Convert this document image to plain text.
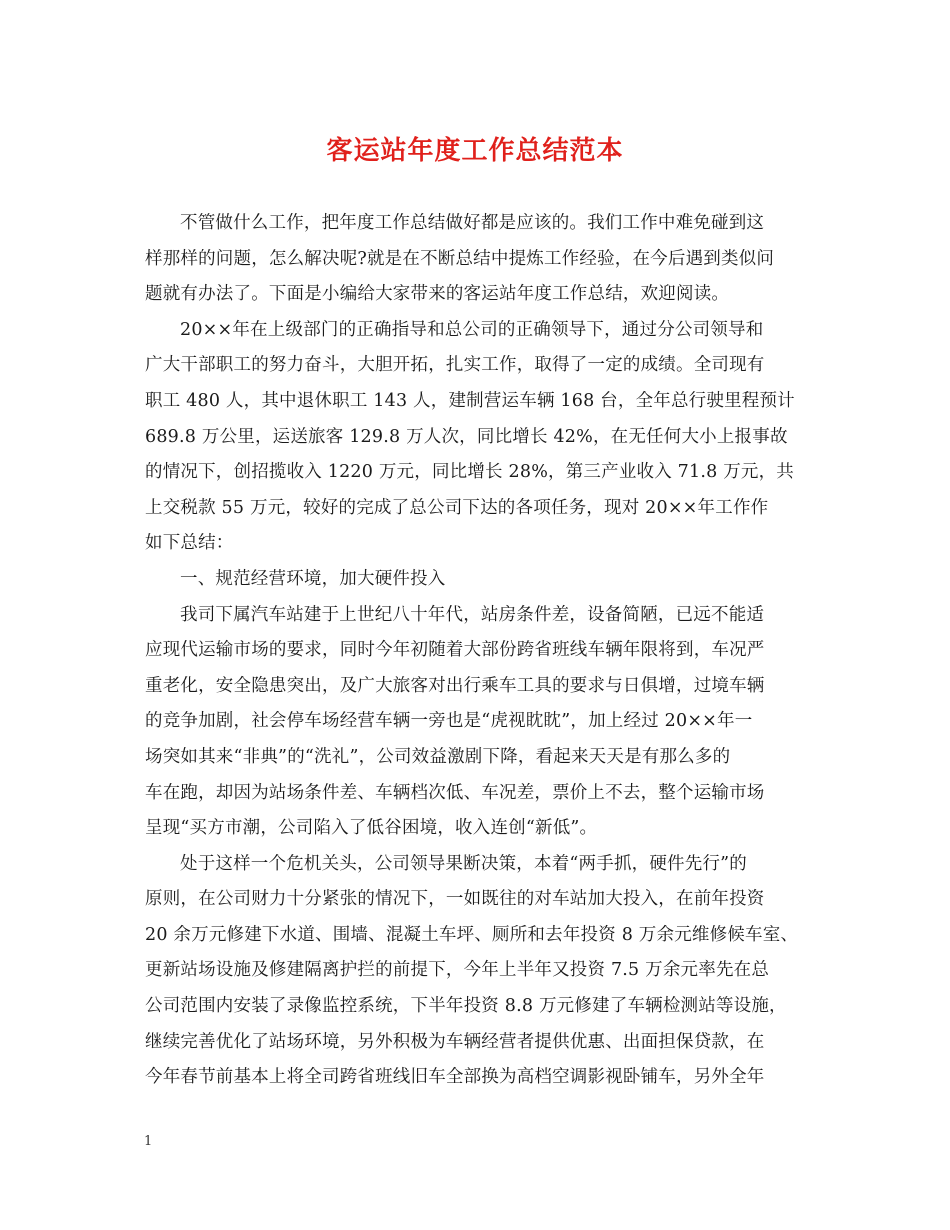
客运站年度工作总结范本
不管做什么工作，把年度工作总结做好都是应该的。我们工作中难免碰到这
样那样的问题，怎么解决呢?就是在不断总结中提炼工作经验，在今后遇到类似问
题就有办法了。下面是小编给大家带来的客运站年度工作总结，欢迎阅读。
20××年在上级部门的正确指导和总公司的正确领导下，通过分公司领导和
广大干部职工的努力奋斗，大胆开拓，扎实工作，取得了一定的成绩。全司现有
职工 480 人，其中退休职工 143 人，建制营运车辆 168 台，全年总行驶里程预计
689.8 万公里，运送旅客 129.8 万人次，同比增长 42%，在无任何大小上报事故
的情况下，创招揽收入 1220 万元，同比增长 28%，第三产业收入 71.8 万元，共
上交税款 55 万元，较好的完成了总公司下达的各项任务，现对 20××年工作作
如下总结：
一、规范经营环境，加大硬件投入
我司下属汽车站建于上世纪八十年代，站房条件差，设备简陋，已远不能适
应现代运输市场的要求，同时今年初随着大部份跨省班线车辆年限将到，车况严
重老化，安全隐患突出，及广大旅客对出行乘车工具的要求与日俱增，过境车辆
的竞争加剧，社会停车场经营车辆一旁也是“虎视眈眈”，加上经过 20××年一
场突如其来“非典”的“洗礼”，公司效益激剧下降，看起来天天是有那么多的
车在跑，却因为站场条件差、车辆档次低、车况差，票价上不去，整个运输市场
呈现“买方市潮，公司陷入了低谷困境，收入连创“新低”。
处于这样一个危机关头，公司领导果断决策，本着“两手抓，硬件先行”的
原则，在公司财力十分紧张的情况下，一如既往的对车站加大投入，在前年投资
20 余万元修建下水道、围墙、混凝土车坪、厕所和去年投资 8 万余元维修候车室、
更新站场设施及修建隔离护拦的前提下，今年上半年又投资 7.5 万余元率先在总
公司范围内安装了录像监控系统，下半年投资 8.8 万元修建了车辆检测站等设施，
继续完善优化了站场环境，另外积极为车辆经营者提供优惠、出面担保贷款，在
今年春节前基本上将全司跨省班线旧车全部换为高档空调影视卧铺车，另外全年
1
